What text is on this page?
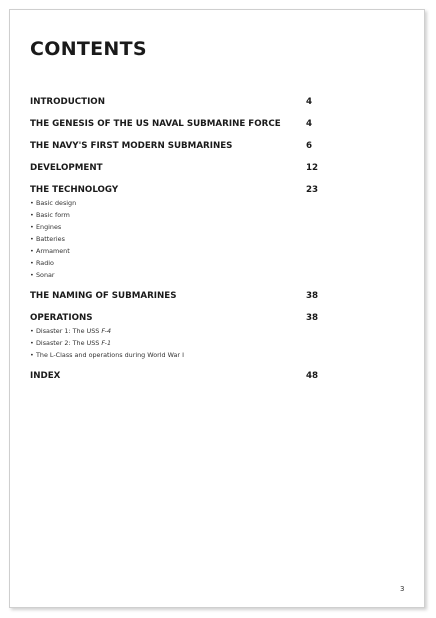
CONTENTS
INTRODUCTION	4
THE GENESIS OF THE US NAVAL SUBMARINE FORCE	4
THE NAVY'S FIRST MODERN SUBMARINES	6
DEVELOPMENT	12
THE TECHNOLOGY	23
• Basic design
• Basic form
• Engines
• Batteries
• Armament
• Radio
• Sonar
THE NAMING OF SUBMARINES	38
OPERATIONS	38
• Disaster 1: The USS F-4
• Disaster 2: The USS F-1
• The L-Class and operations during World War I
INDEX	48
3
